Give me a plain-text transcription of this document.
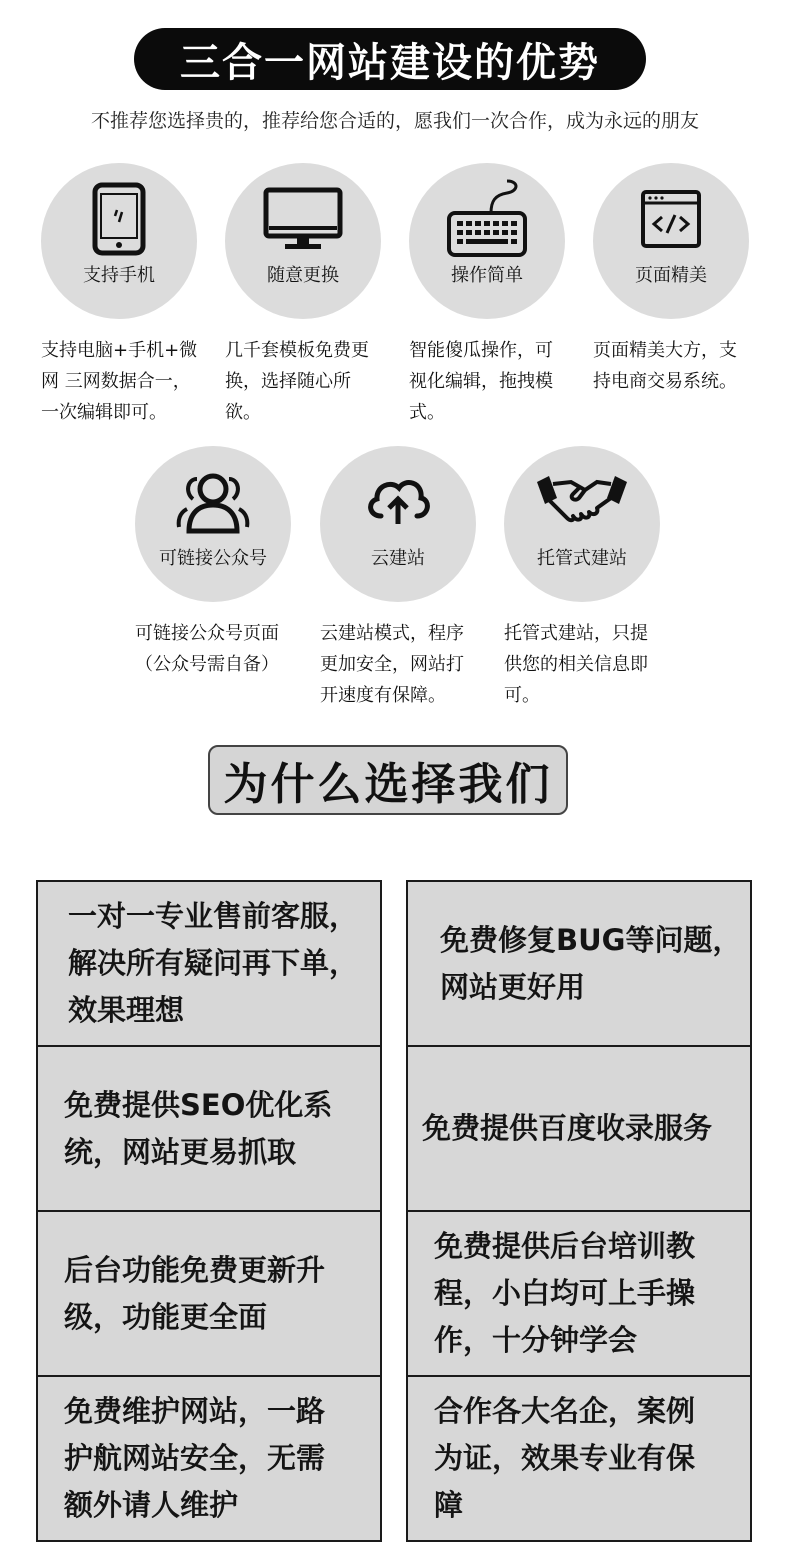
三合一网站建设的优势
不推荐您选择贵的，推荐给您合适的，愿我们一次合作，成为永远的朋友
支持手机
支持电脑+手机+微网 三网数据合一，一次编辑即可。
随意更换
几千套模板免费更换，选择随心所欲。
操作简单
智能傻瓜操作，可视化编辑，拖拽模式。
页面精美
页面精美大方，支持电商交易系统。
可链接公众号
可链接公众号页面（公众号需自备）
云建站
云建站模式，程序更加安全，网站打开速度有保障。
托管式建站
托管式建站，只提供您的相关信息即可。
为什么选择我们
一对一专业售前客服，解决所有疑问再下单，效果理想
免费修复BUG等问题，网站更好用
免费提供SEO优化系统，网站更易抓取
免费提供百度收录服务
后台功能免费更新升级，功能更全面
免费提供后台培训教程，小白均可上手操作，十分钟学会
免费维护网站，一路护航网站安全，无需额外请人维护
合作各大名企，案例为证，效果专业有保障
